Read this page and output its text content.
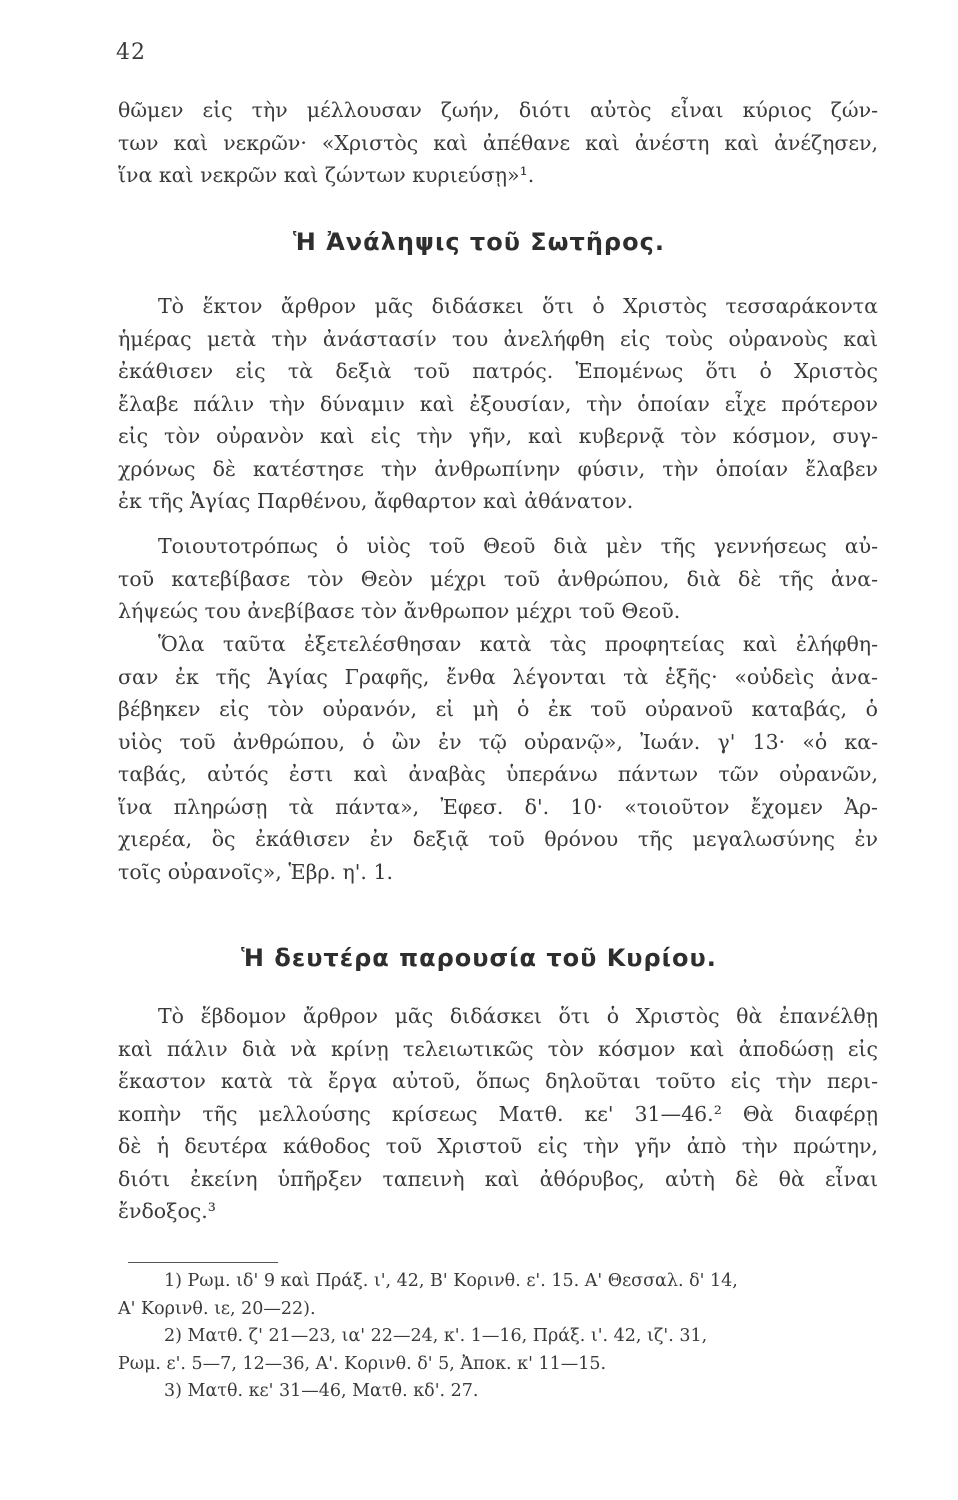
42
θῶμεν εἰς τὴν μέλλουσαν ζωήν, διότι αὐτὸς εἶναι κύριος ζών-
των καὶ νεκρῶν· «Χριστὸς καὶ ἀπέθανε καὶ ἀνέστη καὶ ἀνέζησεν,
ἵνα καὶ νεκρῶν καὶ ζώντων κυριεύσῃ»¹.
Ἡ Ἀνάληψις τοῦ Σωτῆρος.
Τὸ ἕκτον ἄρθρον μᾶς διδάσκει ὅτι ὁ Χριστὸς τεσσαράκοντα
ἡμέρας μετὰ τὴν ἀνάστασίν του ἀνελήφθη εἰς τοὺς οὐρανοὺς καὶ
ἐκάθισεν εἰς τὰ δεξιὰ τοῦ πατρός. Ἑπομένως ὅτι ὁ Χριστὸς
ἔλαβε πάλιν τὴν δύναμιν καὶ ἐξουσίαν, τὴν ὁποίαν εἶχε πρότερον
εἰς τὸν οὐρανὸν καὶ εἰς τὴν γῆν, καὶ κυβερνᾷ τὸν κόσμον, συγ-
χρόνως δὲ κατέστησε τὴν ἀνθρωπίνην φύσιν, τὴν ὁποίαν ἔλαβεν
ἐκ τῆς Ἁγίας Παρθένου, ἄφθαρτον καὶ ἀθάνατον.
Τοιουτοτρόπως ὁ υἱὸς τοῦ Θεοῦ διὰ μὲν τῆς γεννήσεως αὐ-
τοῦ κατεβίβασε τὸν Θεὸν μέχρι τοῦ ἀνθρώπου, διὰ δὲ τῆς ἀνα-
λήψεώς του ἀνεβίβασε τὸν ἄνθρωπον μέχρι τοῦ Θεοῦ.
Ὅλα ταῦτα ἐξετελέσθησαν κατὰ τὰς προφητείας καὶ ἐλήφθη-
σαν ἐκ τῆς Ἁγίας Γραφῆς, ἔνθα λέγονται τὰ ἑξῆς· «οὐδεὶς ἀνα-
βέβηκεν εἰς τὸν οὐρανόν, εἰ μὴ ὁ ἐκ τοῦ οὐρανοῦ καταβάς, ὁ
υἱὸς τοῦ ἀνθρώπου, ὁ ὢν ἐν τῷ οὐρανῷ», Ἰωάν. γ' 13· «ὁ κα-
ταβάς, αὐτός ἐστι καὶ ἀναβὰς ὑπεράνω πάντων τῶν οὐρανῶν,
ἵνα πληρώσῃ τὰ πάντα», Ἐφεσ. δ'. 10· «τοιοῦτον ἔχομεν Ἀρ-
χιερέα, ὃς ἐκάθισεν ἐν δεξιᾷ τοῦ θρόνου τῆς μεγαλωσύνης ἐν
τοῖς οὐρανοῖς», Ἑβρ. η'. 1.
Ἡ δευτέρα παρουσία τοῦ Κυρίου.
Τὸ ἕβδομον ἄρθρον μᾶς διδάσκει ὅτι ὁ Χριστὸς θὰ ἐπανέλθῃ
καὶ πάλιν διὰ νὰ κρίνῃ τελειωτικῶς τὸν κόσμον καὶ ἀποδώσῃ εἰς
ἕκαστον κατὰ τὰ ἔργα αὐτοῦ, ὅπως δηλοῦται τοῦτο εἰς τὴν περι-
κοπὴν τῆς μελλούσης κρίσεως Ματθ. κε' 31—46.² Θὰ διαφέρῃ
δὲ ἡ δευτέρα κάθοδος τοῦ Χριστοῦ εἰς τὴν γῆν ἀπὸ τὴν πρώτην,
διότι ἐκείνη ὑπῆρξεν ταπεινὴ καὶ ἀθόρυβος, αὐτὴ δὲ θὰ εἶναι
ἔνδοξος.³
1) Ρωμ. ιδ' 9 καὶ Πράξ. ι', 42, Β' Κορινθ. ε'. 15. Α' Θεσσαλ. δ' 14,
Α' Κορινθ. ιε, 20—22).
2) Ματθ. ζ' 21—23, ια' 22—24, κ'. 1—16, Πράξ. ι'. 42, ιζ'. 31,
Ρωμ. ε'. 5—7, 12—36, Α'. Κορινθ. δ' 5, Ἀποκ. κ' 11—15.
3) Ματθ. κε' 31—46, Ματθ. κδ'. 27.
